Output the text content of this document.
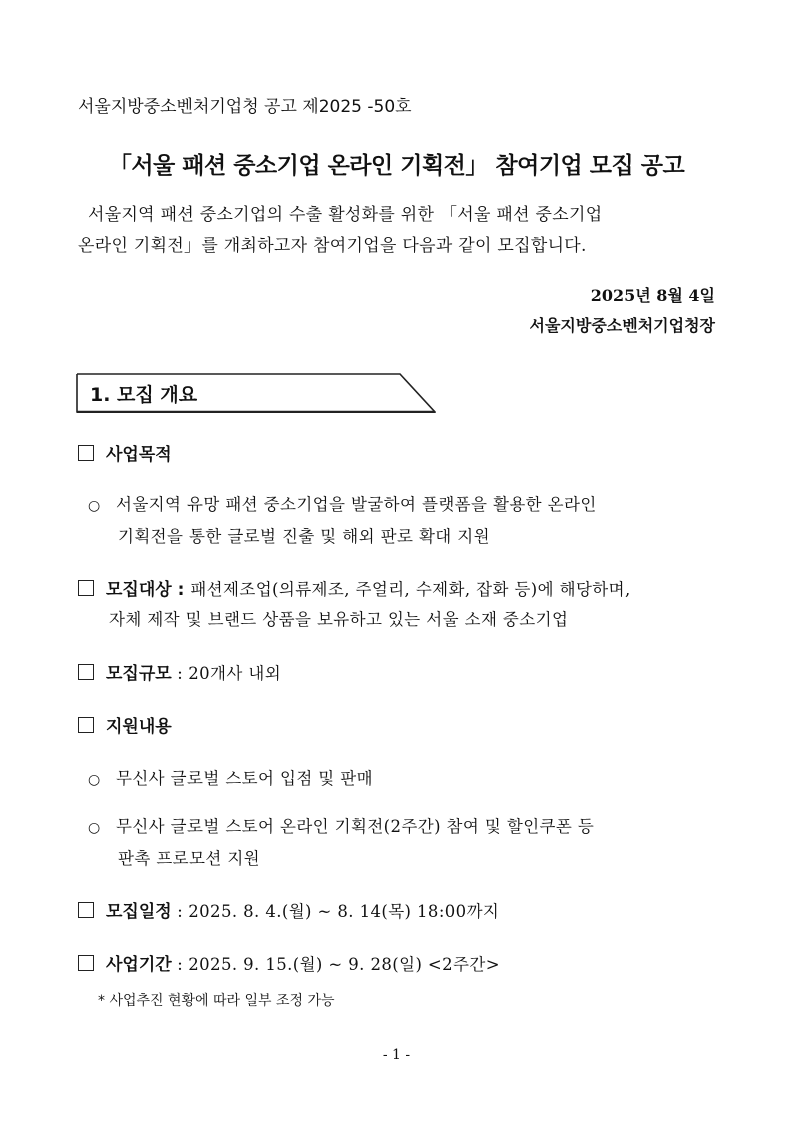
서울지방중소벤처기업청 공고 제2025 -50호
「서울 패션 중소기업 온라인 기획전」 참여기업 모집 공고
서울지역 패션 중소기업의 수출 활성화를 위한 「서울 패션 중소기업
온라인 기획전」를 개최하고자 참여기업을 다음과 같이 모집합니다.
2025년 8월 4일
서울지방중소벤처기업청장
1. 모집 개요
사업목적
○ 서울지역 유망 패션 중소기업을 발굴하여 플랫폼을 활용한 온라인
기획전을 통한 글로벌 진출 및 해외 판로 확대 지원
모집대상 : 패션제조업(의류제조, 주얼리, 수제화, 잡화 등)에 해당하며,
자체 제작 및 브랜드 상품을 보유하고 있는 서울 소재 중소기업
모집규모 : 20개사 내외
지원내용
○ 무신사 글로벌 스토어 입점 및 판매
○ 무신사 글로벌 스토어 온라인 기획전(2주간) 참여 및 할인쿠폰 등
판촉 프로모션 지원
모집일정 : 2025. 8. 4.(월) ~ 8. 14(목) 18:00까지
사업기간 : 2025. 9. 15.(월) ~ 9. 28(일) <2주간>
* 사업추진 현황에 따라 일부 조정 가능
- 1 -
